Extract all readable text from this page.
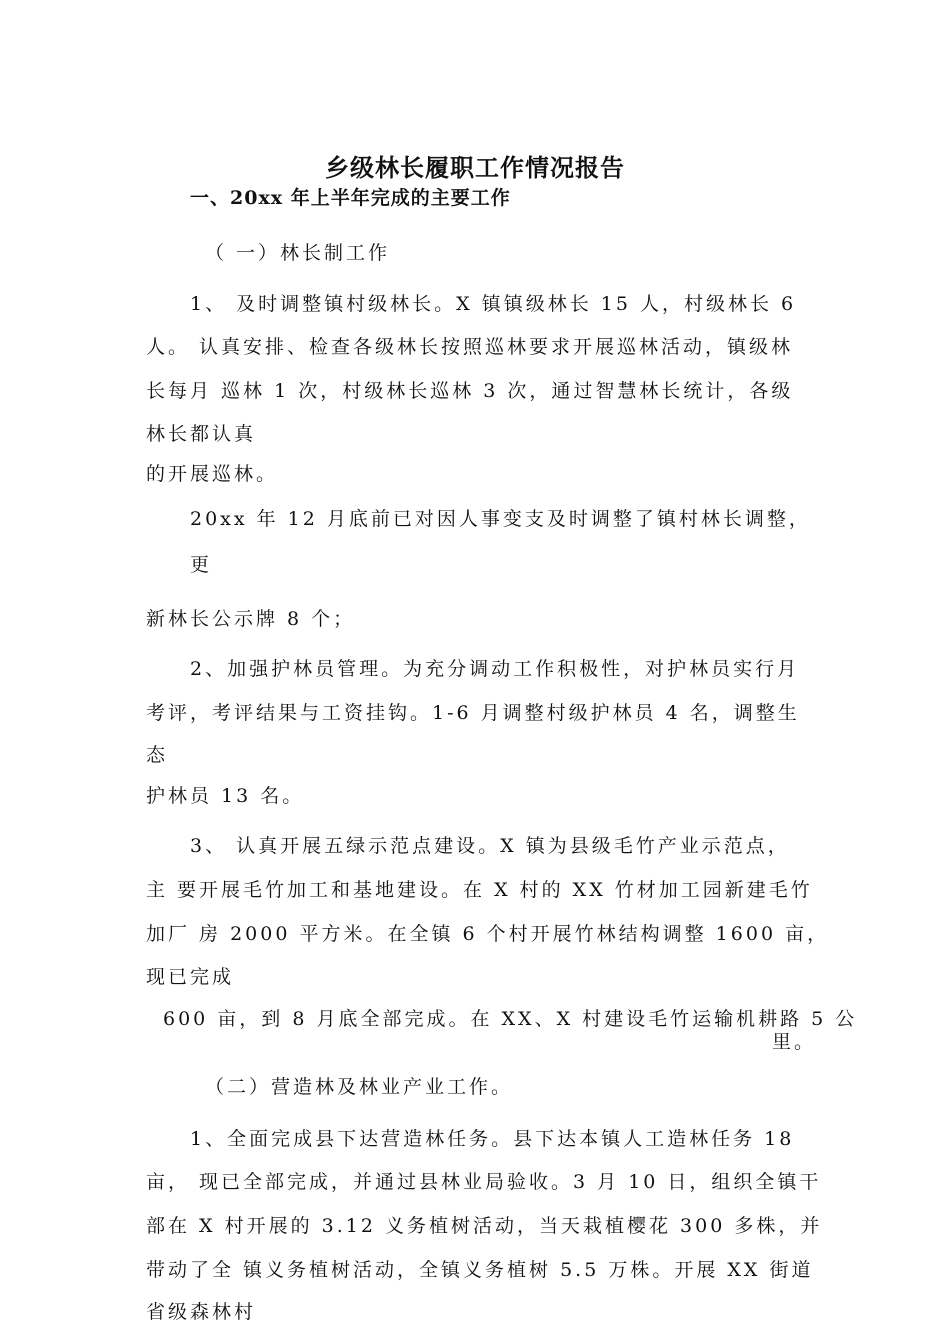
乡级林长履职工作情况报告
一、20xx 年上半年完成的主要工作
（ 一）林长制工作
1、 及时调整镇村级林长。X 镇镇级林长 15 人，村级林长 6
人。 认真安排、检查各级林长按照巡林要求开展巡林活动，镇级林
长每月 巡林 1 次，村级林长巡林 3 次，通过智慧林长统计，各级
林长都认真
的开展巡林。
20xx 年 12 月底前已对因人事变支及时调整了镇村林长调整，
更
新林长公示牌 8 个；
2、加强护林员管理。为充分调动工作积极性，对护林员实行月
考评，考评结果与工资挂钩。1-6 月调整村级护林员 4 名，调整生
态
护林员 13 名。
3、 认真开展五绿示范点建设。X 镇为县级毛竹产业示范点，
主 要开展毛竹加工和基地建设。在 X 村的 XX 竹材加工园新建毛竹
加厂 房 2000 平方米。在全镇 6 个村开展竹林结构调整 1600 亩，
现已完成
600 亩，到 8 月底全部完成。在 XX、X 村建设毛竹运输机耕路 5 公
里。
（二）营造林及林业产业工作。
1、全面完成县下达营造林任务。县下达本镇人工造林任务 18
亩， 现已全部完成，并通过县林业局验收。3 月 10 日，组织全镇干
部在 X 村开展的 3.12 义务植树活动，当天栽植樱花 300 多株，并
带动了全 镇义务植树活动，全镇义务植树 5.5 万株。开展 XX 街道
省级森林村
